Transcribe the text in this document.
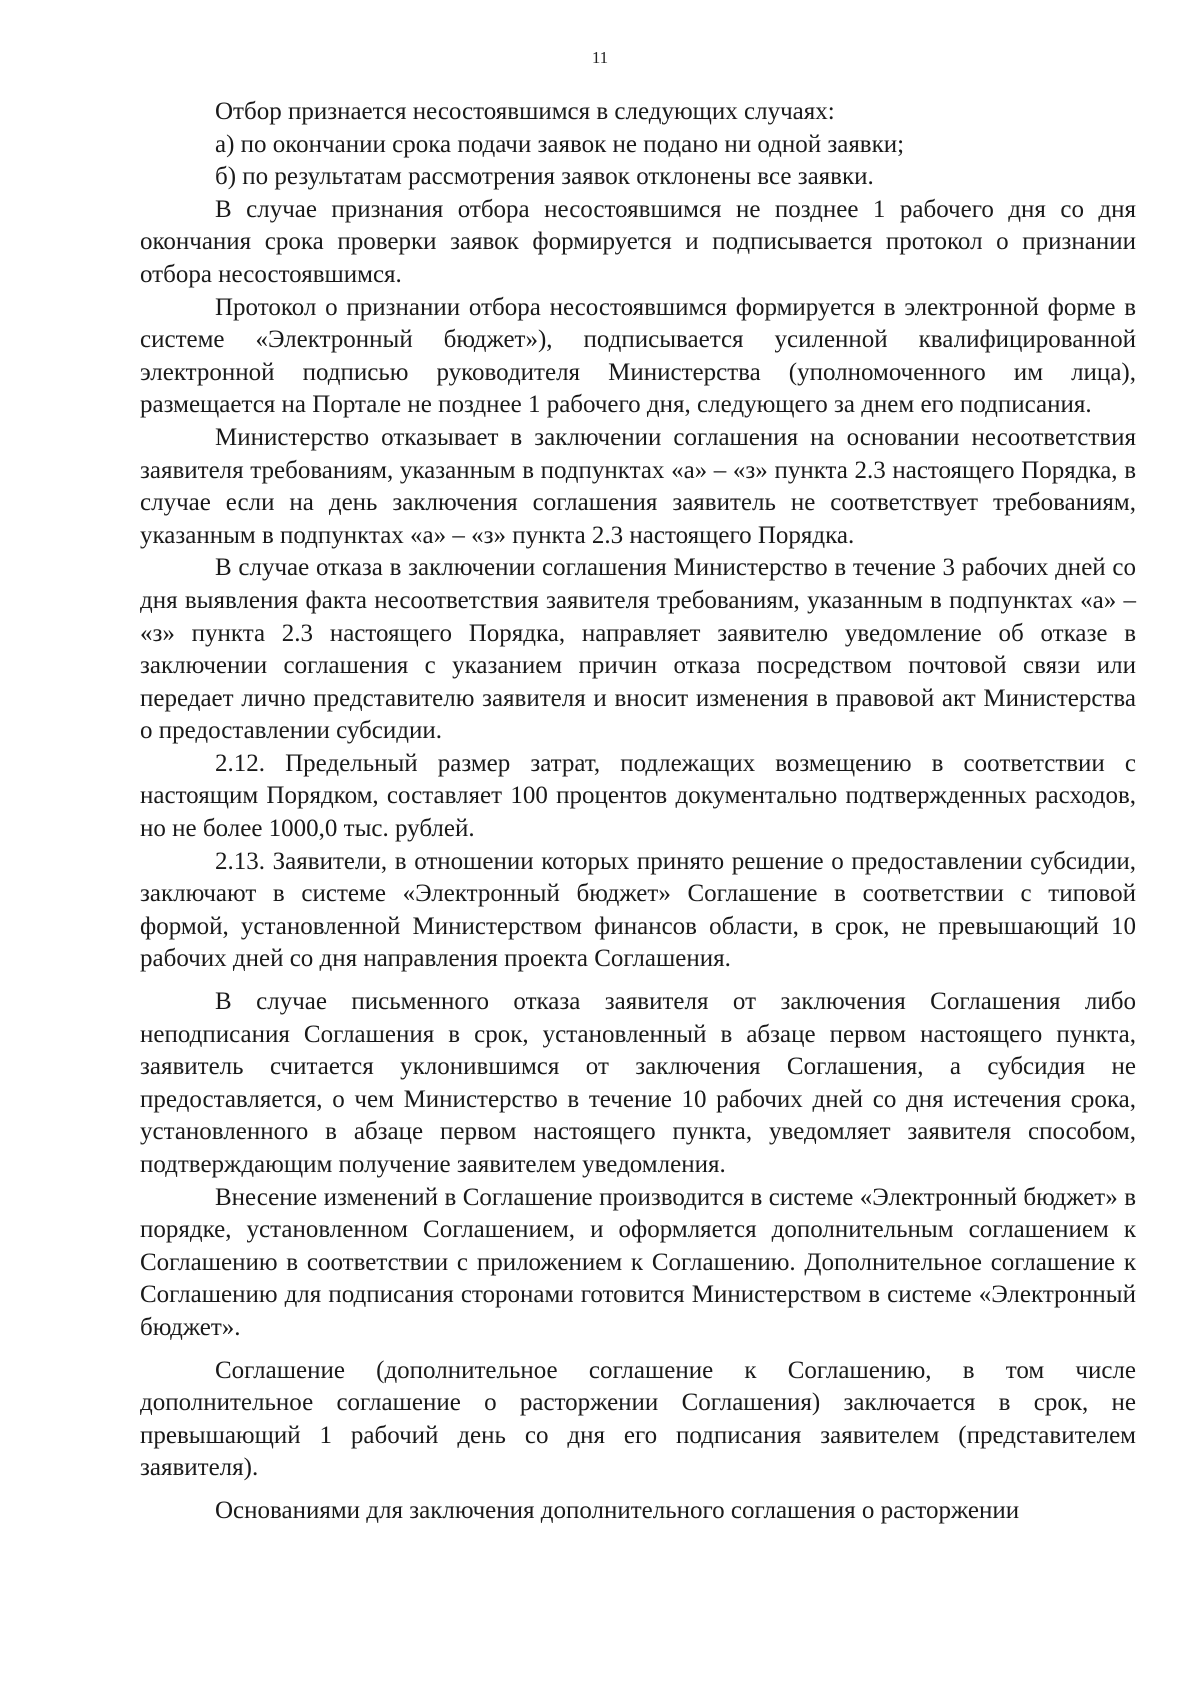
11

Отбор признается несостоявшимся в следующих случаях:

а) по окончании срока подачи заявок не подано ни одной заявки;

б) по результатам рассмотрения заявок отклонены все заявки.

В случае признания отбора несостоявшимся не позднее 1 рабочего дня со дня окончания срока проверки заявок формируется и подписывается протокол о признании отбора несостоявшимся.

Протокол о признании отбора несостоявшимся формируется в электронной форме в системе «Электронный бюджет»), подписывается усиленной квалифицированной электронной подписью руководителя Министерства (уполномоченного им лица), размещается на Портале не позднее 1 рабочего дня, следующего за днем его подписания.

Министерство отказывает в заключении соглашения на основании несоответствия заявителя требованиям, указанным в подпунктах «а» – «з» пункта 2.3 настоящего Порядка, в случае если на день заключения соглашения заявитель не соответствует требованиям, указанным в подпунктах «а» – «з» пункта 2.3 настоящего Порядка.

В случае отказа в заключении соглашения Министерство в течение 3 рабочих дней со дня выявления факта несоответствия заявителя требованиям, указанным в подпунктах «а» – «з» пункта 2.3 настоящего Порядка, направляет заявителю уведомление об отказе в заключении соглашения с указанием причин отказа посредством почтовой связи или передает лично представителю заявителя и вносит изменения в правовой акт Министерства о предоставлении субсидии.

2.12. Предельный размер затрат, подлежащих возмещению в соответствии с настоящим Порядком, составляет 100 процентов документально подтвержденных расходов, но не более 1000,0 тыс. рублей.

2.13. Заявители, в отношении которых принято решение о предоставлении субсидии, заключают в системе «Электронный бюджет» Соглашение в соответствии с типовой формой, установленной Министерством финансов области, в срок, не превышающий 10 рабочих дней со дня направления проекта Соглашения.

В случае письменного отказа заявителя от заключения Соглашения либо неподписания Соглашения в срок, установленный в абзаце первом настоящего пункта, заявитель считается уклонившимся от заключения Соглашения, а субсидия не предоставляется, о чем Министерство в течение 10 рабочих дней со дня истечения срока, установленного в абзаце первом настоящего пункта, уведомляет заявителя способом, подтверждающим получение заявителем уведомления.

Внесение изменений в Соглашение производится в системе «Электронный бюджет» в порядке, установленном Соглашением, и оформляется дополнительным соглашением к Соглашению в соответствии с приложением к Соглашению. Дополнительное соглашение к Соглашению для подписания сторонами готовится Министерством в системе «Электронный бюджет».

Соглашение (дополнительное соглашение к Соглашению, в том числе дополнительное соглашение о расторжении Соглашения) заключается в срок, не превышающий 1 рабочий день со дня его подписания заявителем (представителем заявителя).

Основаниями для заключения дополнительного соглашения о расторжении
